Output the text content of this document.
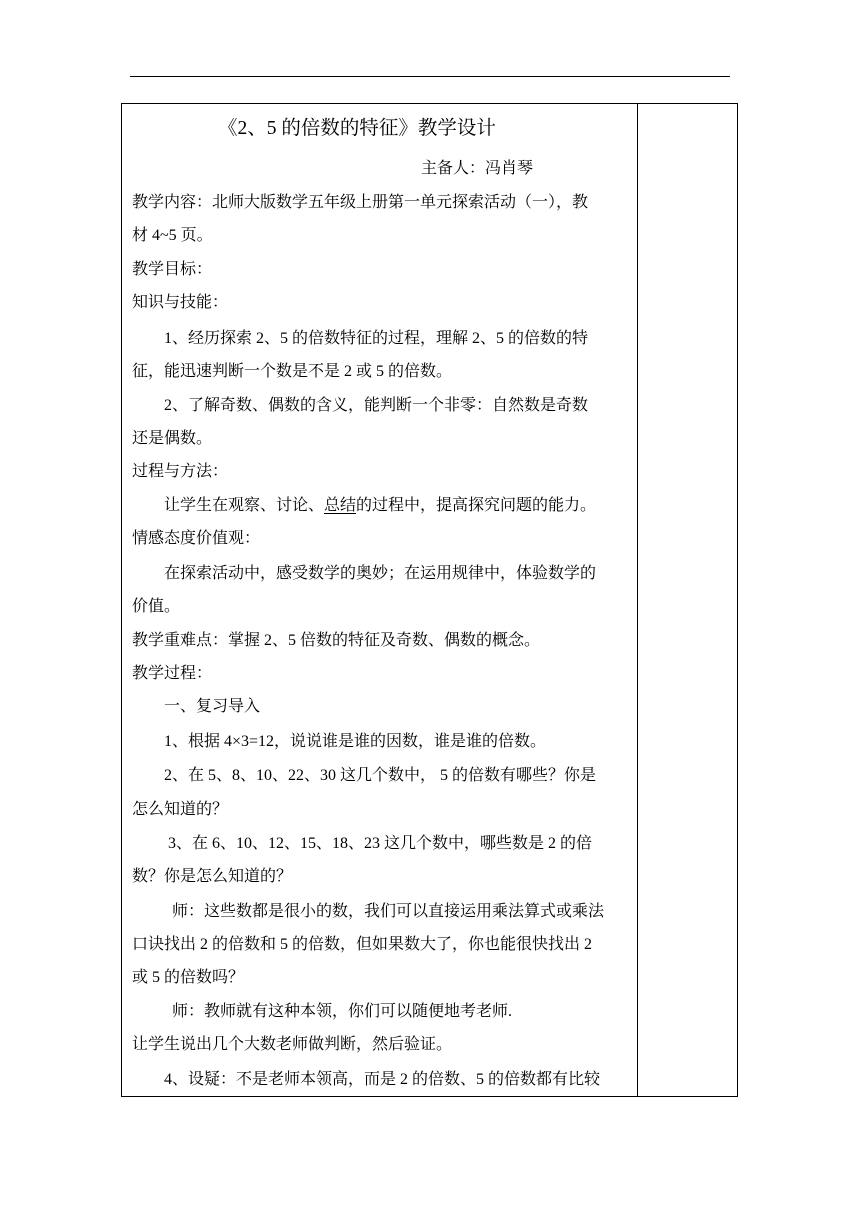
《2、5 的倍数的特征》教学设计
主备人：冯肖琴
教学内容：北师大版数学五年级上册第一单元探索活动（一），教
材 4~5 页。
教学目标：
知识与技能：
1、经历探索 2、5 的倍数特征的过程，理解 2、5 的倍数的特
征，能迅速判断一个数是不是 2 或 5 的倍数。
2、了解奇数、偶数的含义，能判断一个非零：自然数是奇数
还是偶数。
过程与方法：
让学生在观察、讨论、总结的过程中，提高探究问题的能力。
情感态度价值观：
在探索活动中，感受数学的奥妙；在运用规律中，体验数学的
价值。
教学重难点：掌握 2、5 倍数的特征及奇数、偶数的概念。
教学过程：
一、复习导入
1、根据 4×3=12，说说谁是谁的因数，谁是谁的倍数。
2、在 5、8、10、22、30 这几个数中， 5 的倍数有哪些？你是
怎么知道的？
3、在 6、10、12、15、18、23 这几个数中，哪些数是 2 的倍
数？你是怎么知道的？
师：这些数都是很小的数，我们可以直接运用乘法算式或乘法
口诀找出 2 的倍数和 5 的倍数，但如果数大了，你也能很快找出 2
或 5 的倍数吗？
师：教师就有这种本领，你们可以随便地考老师.
让学生说出几个大数老师做判断，然后验证。
4、设疑：不是老师本领高，而是 2 的倍数、5 的倍数都有比较
